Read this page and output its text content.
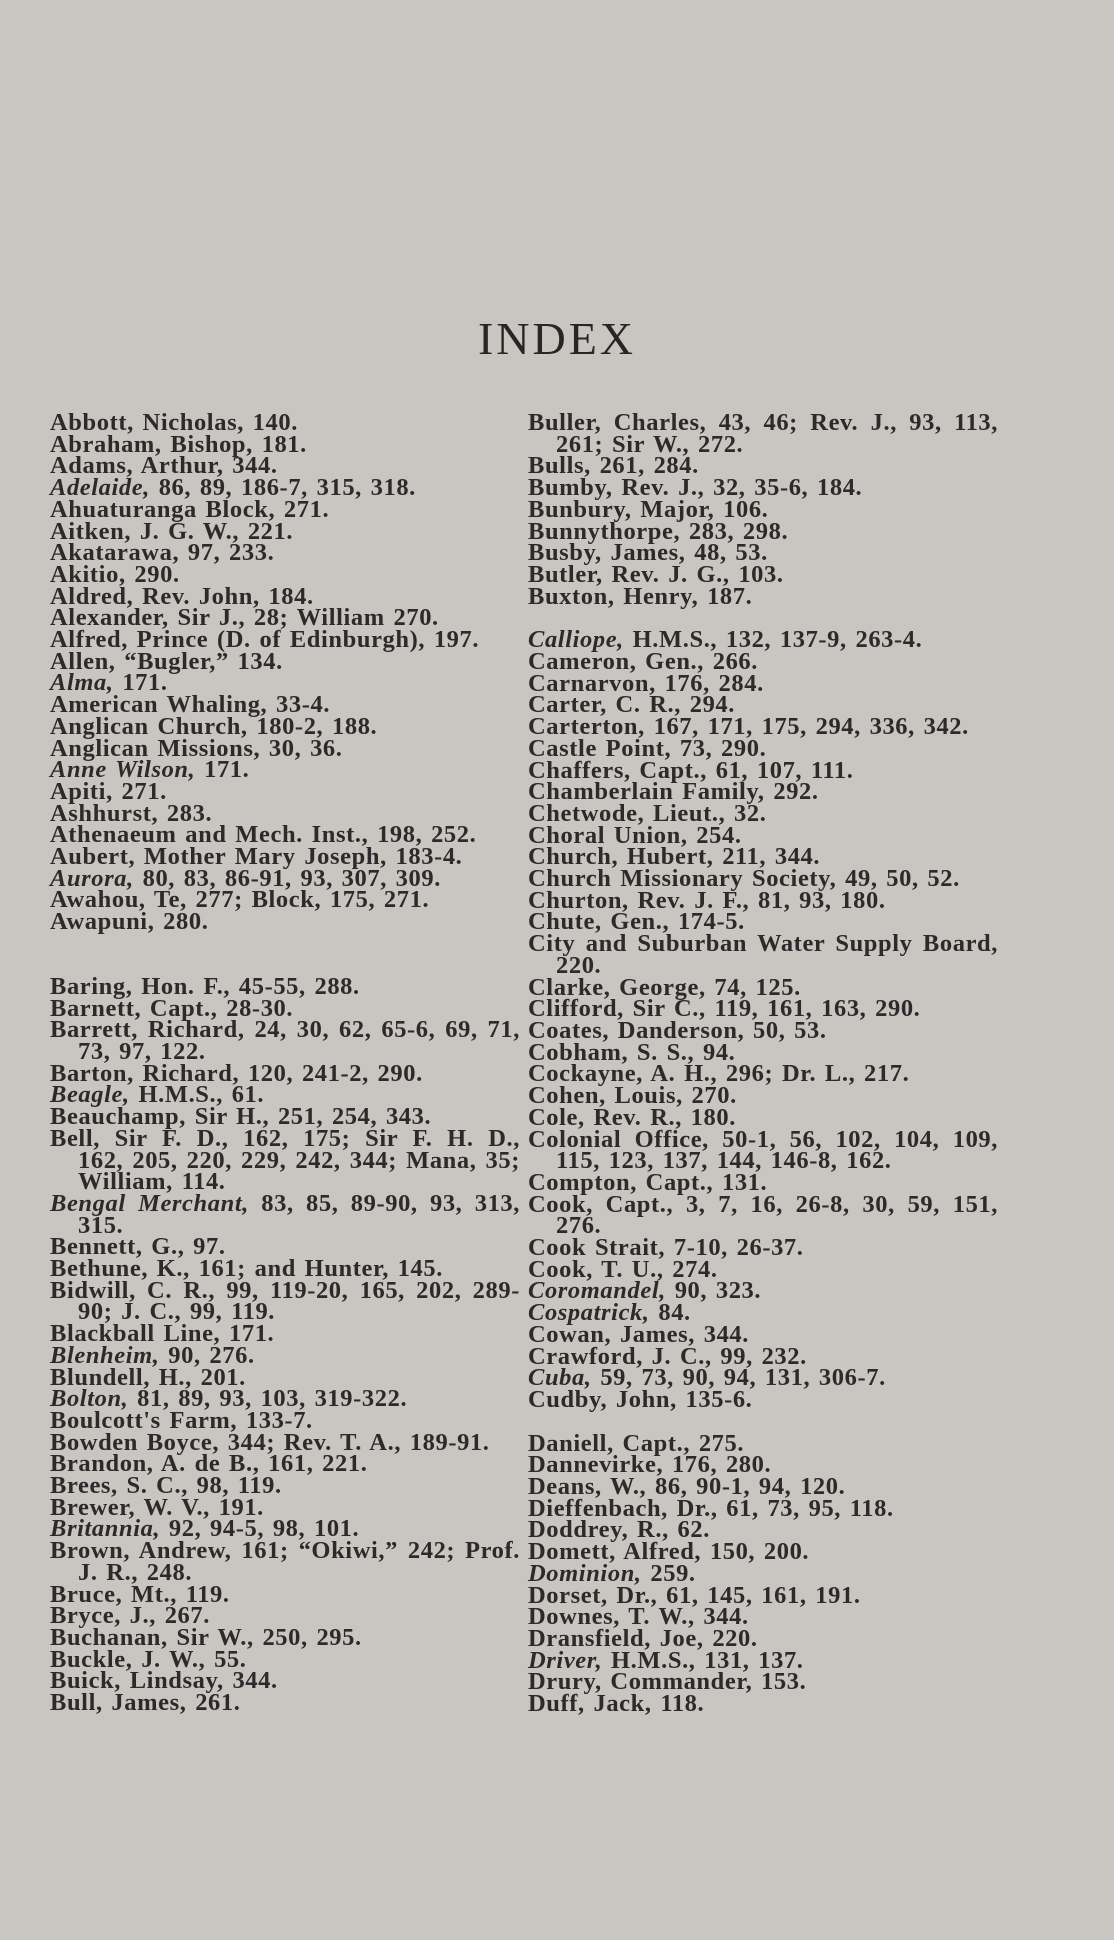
INDEX
Abbott, Nicholas, 140.
Abraham, Bishop, 181.
Adams, Arthur, 344.
Adelaide, 86, 89, 186-7, 315, 318.
Ahuaturanga Block, 271.
Aitken, J. G. W., 221.
Akatarawa, 97, 233.
Akitio, 290.
Aldred, Rev. John, 184.
Alexander, Sir J., 28; William 270.
Alfred, Prince (D. of Edinburgh), 197.
Allen, “Bugler,” 134.
Alma, 171.
American Whaling, 33-4.
Anglican Church, 180-2, 188.
Anglican Missions, 30, 36.
Anne Wilson, 171.
Apiti, 271.
Ashhurst, 283.
Athenaeum and Mech. Inst., 198, 252.
Aubert, Mother Mary Joseph, 183-4.
Aurora, 80, 83, 86-91, 93, 307, 309.
Awahou, Te, 277; Block, 175, 271.
Awapuni, 280.
Baring, Hon. F., 45-55, 288.
Barnett, Capt., 28-30.
Barrett, Richard, 24, 30, 62, 65-6, 69, 71, 73, 97, 122.
Barton, Richard, 120, 241-2, 290.
Beagle, H.M.S., 61.
Beauchamp, Sir H., 251, 254, 343.
Bell, Sir F. D., 162, 175; Sir F. H. D., 162, 205, 220, 229, 242, 344; Mana, 35; William, 114.
Bengal Merchant, 83, 85, 89-90, 93, 313, 315.
Bennett, G., 97.
Bethune, K., 161; and Hunter, 145.
Bidwill, C. R., 99, 119-20, 165, 202, 289-90; J. C., 99, 119.
Blackball Line, 171.
Blenheim, 90, 276.
Blundell, H., 201.
Bolton, 81, 89, 93, 103, 319-322.
Boulcott's Farm, 133-7.
Bowden Boyce, 344; Rev. T. A., 189-91.
Brandon, A. de B., 161, 221.
Brees, S. C., 98, 119.
Brewer, W. V., 191.
Britannia, 92, 94-5, 98, 101.
Brown, Andrew, 161; “Okiwi,” 242; Prof. J. R., 248.
Bruce, Mt., 119.
Bryce, J., 267.
Buchanan, Sir W., 250, 295.
Buckle, J. W., 55.
Buick, Lindsay, 344.
Bull, James, 261.
Buller, Charles, 43, 46; Rev. J., 93, 113, 261; Sir W., 272.
Bulls, 261, 284.
Bumby, Rev. J., 32, 35-6, 184.
Bunbury, Major, 106.
Bunnythorpe, 283, 298.
Busby, James, 48, 53.
Butler, Rev. J. G., 103.
Buxton, Henry, 187.
Calliope, H.M.S., 132, 137-9, 263-4.
Cameron, Gen., 266.
Carnarvon, 176, 284.
Carter, C. R., 294.
Carterton, 167, 171, 175, 294, 336, 342.
Castle Point, 73, 290.
Chaffers, Capt., 61, 107, 111.
Chamberlain Family, 292.
Chetwode, Lieut., 32.
Choral Union, 254.
Church, Hubert, 211, 344.
Church Missionary Society, 49, 50, 52.
Churton, Rev. J. F., 81, 93, 180.
Chute, Gen., 174-5.
City and Suburban Water Supply Board, 220.
Clarke, George, 74, 125.
Clifford, Sir C., 119, 161, 163, 290.
Coates, Danderson, 50, 53.
Cobham, S. S., 94.
Cockayne, A. H., 296; Dr. L., 217.
Cohen, Louis, 270.
Cole, Rev. R., 180.
Colonial Office, 50-1, 56, 102, 104, 109, 115, 123, 137, 144, 146-8, 162.
Compton, Capt., 131.
Cook, Capt., 3, 7, 16, 26-8, 30, 59, 151, 276.
Cook Strait, 7-10, 26-37.
Cook, T. U., 274.
Coromandel, 90, 323.
Cospatrick, 84.
Cowan, James, 344.
Crawford, J. C., 99, 232.
Cuba, 59, 73, 90, 94, 131, 306-7.
Cudby, John, 135-6.
Daniell, Capt., 275.
Dannevirke, 176, 280.
Deans, W., 86, 90-1, 94, 120.
Dieffenbach, Dr., 61, 73, 95, 118.
Doddrey, R., 62.
Domett, Alfred, 150, 200.
Dominion, 259.
Dorset, Dr., 61, 145, 161, 191.
Downes, T. W., 344.
Dransfield, Joe, 220.
Driver, H.M.S., 131, 137.
Drury, Commander, 153.
Duff, Jack, 118.
